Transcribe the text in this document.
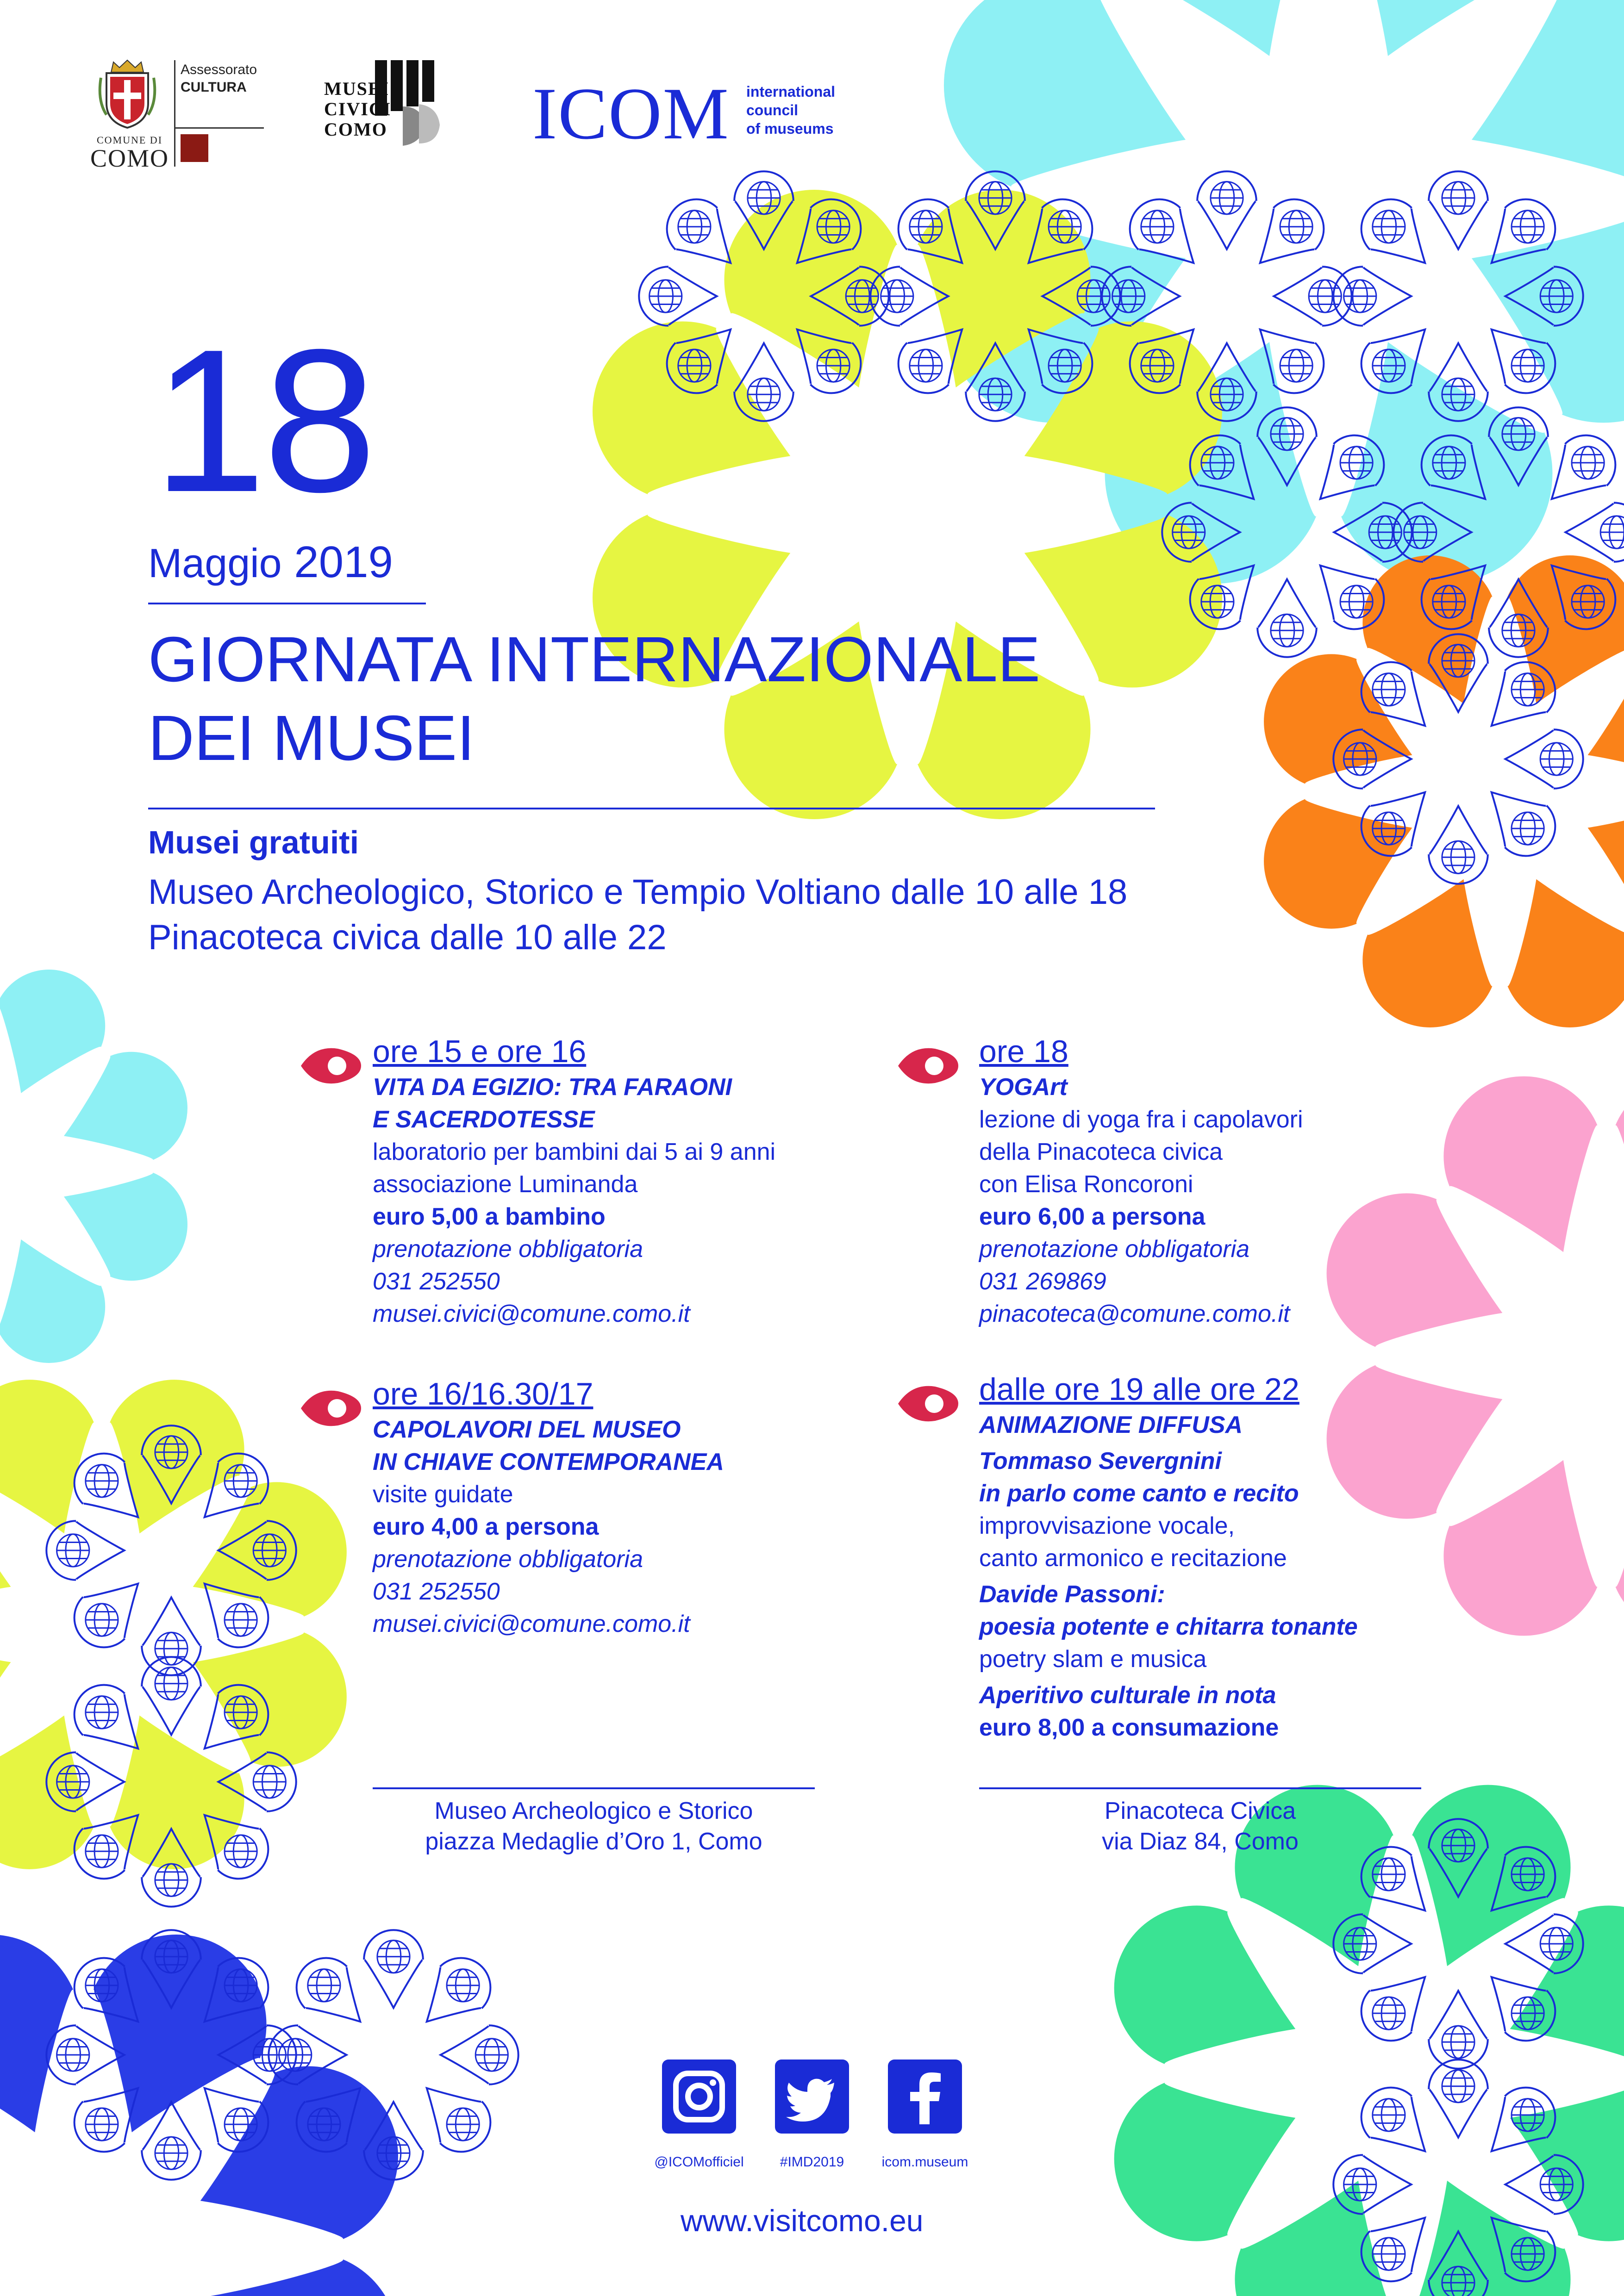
COMUNE DI
COMO
Assessorato
CULTURA	MUSEI
CIVICI
COMO ICOM international
council
of museums
18
Maggio 2019
GIORNATA INTERNAZIONALE
DEI MUSEI
Musei gratuiti
Museo Archeologico, Storico e Tempio Voltiano dalle 10 alle 18
Pinacoteca civica dalle 10 alle 22
ore 15 e ore 16
VITA DA EGIZIO: TRA FARAONI
E SACERDOTESSE
laboratorio per bambini dai 5 ai 9 anni
associazione Luminanda
euro 5,00 a bambino
prenotazione obbligatoria
031 252550
musei.civici@comune.como.it
ore 18
YOGArt
lezione di yoga fra i capolavori
della Pinacoteca civica
con Elisa Roncoroni
euro 6,00 a persona
prenotazione obbligatoria
031 269869
pinacoteca@comune.como.it
ore 16/16.30/17
CAPOLAVORI DEL MUSEO
IN CHIAVE CONTEMPORANEA
visite guidate
euro 4,00 a persona
prenotazione obbligatoria
031 252550
musei.civici@comune.como.it
dalle ore 19 alle ore 22
ANIMAZIONE DIFFUSA
Tommaso Severgnini
in parlo come canto e recito
improvvisazione vocale,
canto armonico e recitazione
Davide Passoni:
poesia potente e chitarra tonante
poetry slam e musica
Aperitivo culturale in nota
euro 8,00 a consumazione
Museo Archeologico e Storico
piazza Medaglie d’Oro 1, Como
Pinacoteca Civica
via Diaz 84, Como
@ICOMofficiel	#IMD2019	icom.museum
www.visitcomo.eu
